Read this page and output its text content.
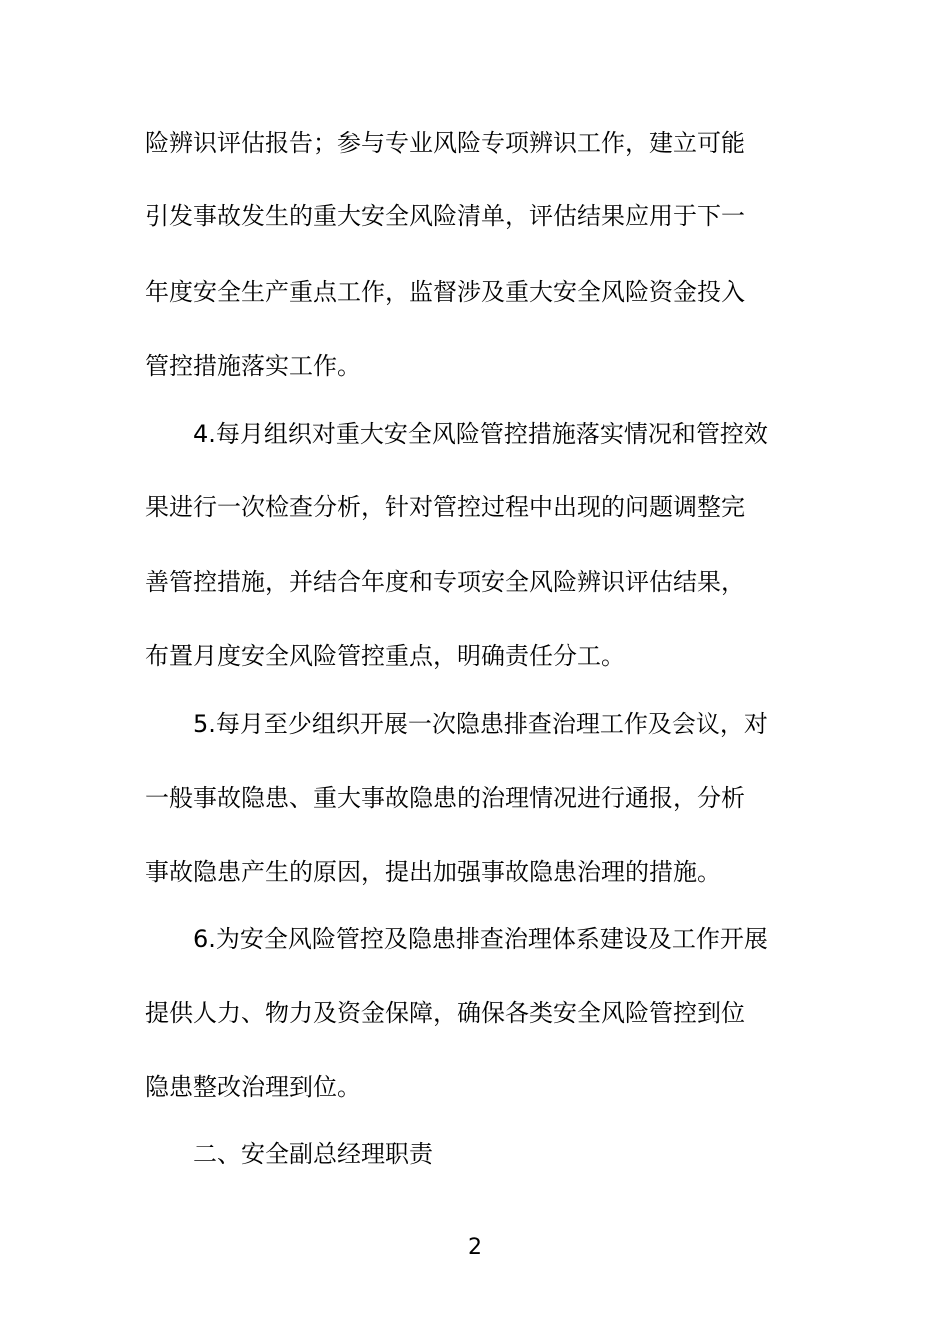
险辨识评估报告；参与专业风险专项辨识工作，建立可能
引发事故发生的重大安全风险清单，评估结果应用于下一
年度安全生产重点工作，监督涉及重大安全风险资金投入
管控措施落实工作。
4.每月组织对重大安全风险管控措施落实情况和管控效
果进行一次检查分析，针对管控过程中出现的问题调整完
善管控措施，并结合年度和专项安全风险辨识评估结果，
布置月度安全风险管控重点，明确责任分工。
5.每月至少组织开展一次隐患排查治理工作及会议，对
一般事故隐患、重大事故隐患的治理情况进行通报，分析
事故隐患产生的原因，提出加强事故隐患治理的措施。
6.为安全风险管控及隐患排查治理体系建设及工作开展
提供人力、物力及资金保障，确保各类安全风险管控到位
隐患整改治理到位。
二、安全副总经理职责
2
